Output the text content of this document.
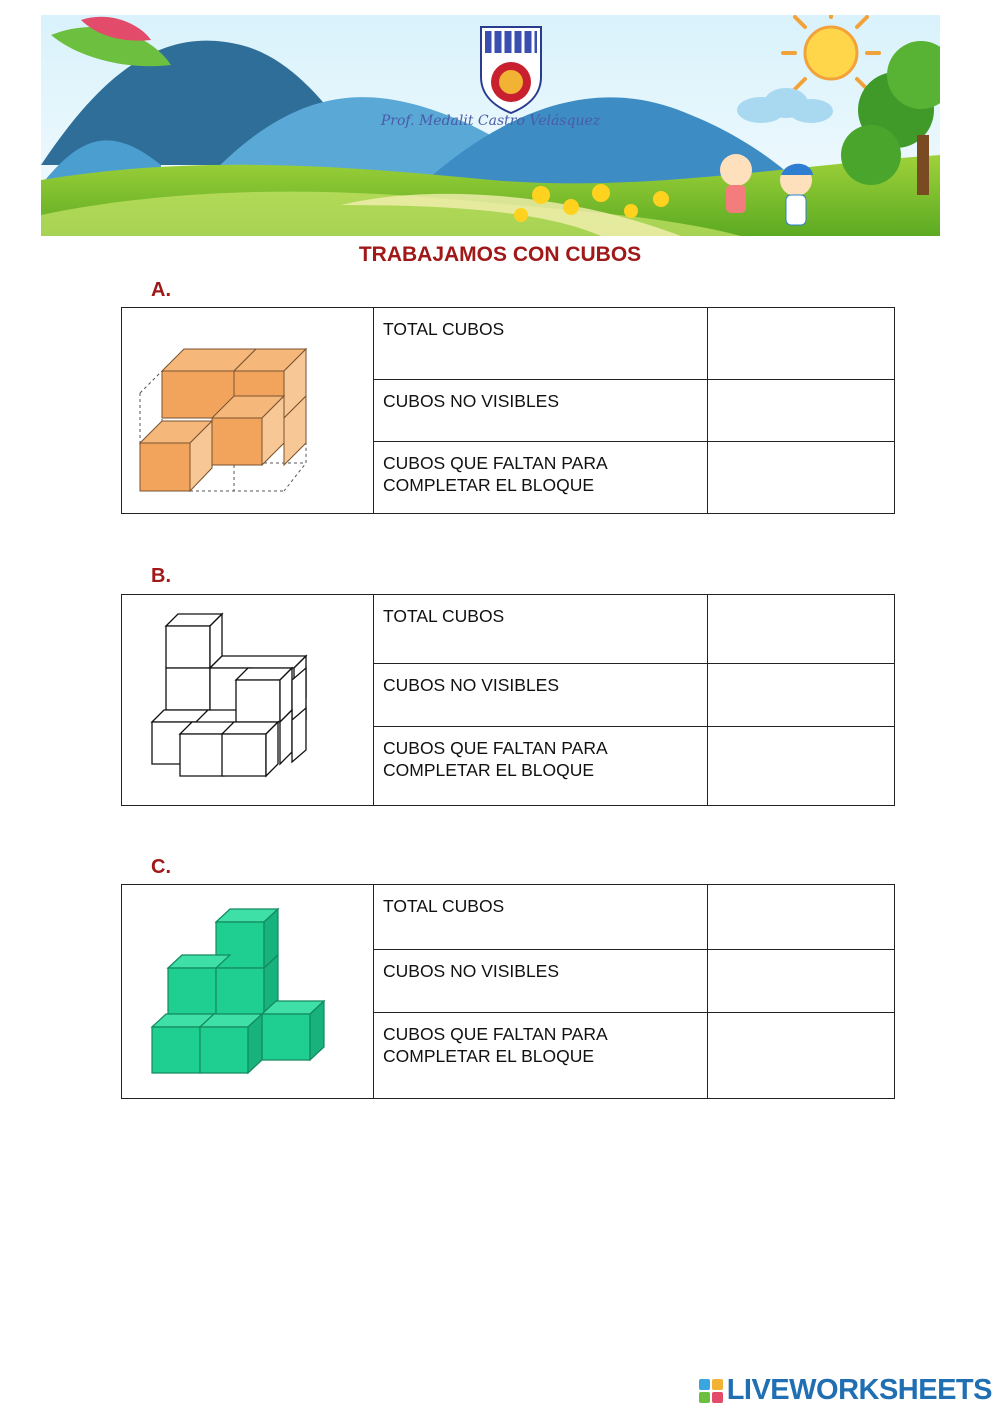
Prof. Medalit Castro Velásquez
TRABAJAMOS CON CUBOS
A.
	TOTAL CUBOS	

	CUBOS NO VISIBLES	

	CUBOS QUE FALTAN PARA COMPLETAR EL BLOQUE	
B.
	TOTAL CUBOS	

	CUBOS NO VISIBLES	

	CUBOS QUE FALTAN PARA COMPLETAR EL BLOQUE	
C.
	TOTAL CUBOS	

	CUBOS NO VISIBLES	

	CUBOS QUE FALTAN PARA COMPLETAR EL BLOQUE	
LIVEWORKSHEETS
